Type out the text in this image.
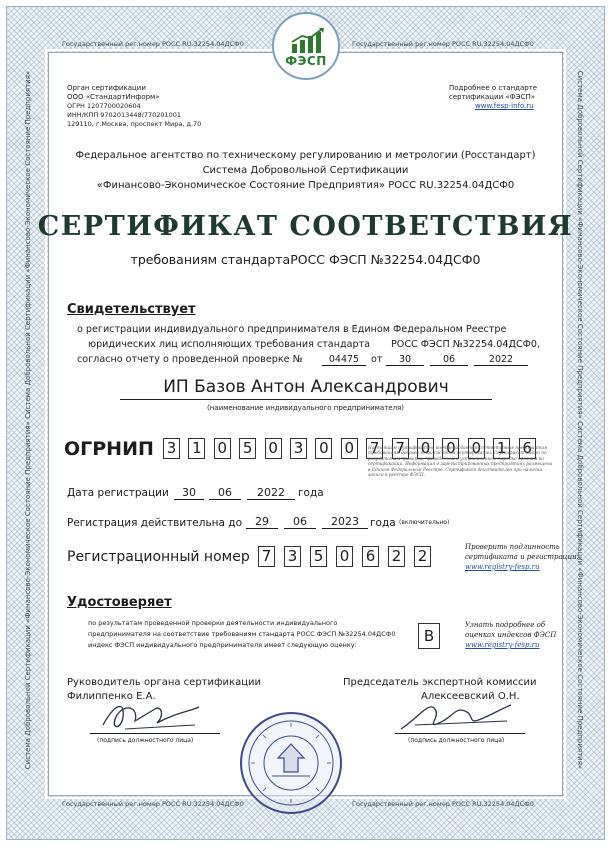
Государственный рег.номер РОСС RU.32254.04ДСФ0	Государственный рег.номер РОСС RU.32254.04ДСФ0
Государственный рег.номер РОСС RU.32254.04ДСФ0	Государственный рег.номер РОСС RU.32254.04ДСФ0
Система Добровольной Сертификации «Финансово-Экономическое Состояние Предприятия» Система Добровольной Сертификации «Финансово-Экономическое Состояние Предприятия»	Система Добровольной Сертификации «Финансово-Экономическое Состояние Предприятия» Система Добровольной Сертификации «Финансово-Экономическое Состояние Предприятия»
ФЭСП
Орган сертификации
ООО «СтандартИнформ»
ОГРН 1207700020604
ИНН/КПП 9702013448/770201001
129110, г.Москва, проспект Мира, д.70
Подробнее о стандарте
сертификации «ФЭСП»
www.fesp-info.ru
Федеральное агентство по техническому регулированию и метрологии (Росстандарт)
Система Добровольной Сертификации
«Финансово-Экономическое Состояние Предприятия» РОСС RU.32254.04ДСФ0
СЕРТИФИКАТ СООТВЕТСТВИЯ
требованиям стандартаРОСС ФЭСП №32254.04ДСФ0
Свидетельствует
о регистрации индивидуального предпринимателя в Едином Федеральном Реестре
юридических лиц исполняющих требования стандарта РОСС ФЭСП №32254.04ДСФ0,
согласно отчету о проведенной проверке №	04475	от	30	06	2022
ИП Базов Антон Александрович
(наименование индивидуального предпринимателя)
ОГРНИП 3 1 0 5 0 3 0 0 7 7 0 0 0 1 6
Дата регистрации	30	06	2022	года
Регистрация действительна до	29	06	2023	года (включительно)
Настоящим сертификатом подтверждается соответствие предприятия требованиям добровольной системы сертификации. Сертификат выдан по результатам проверки, проведенной в установленном порядке органом по сертификации. Информация о зарегистрированных предприятиях размещена в Едином Федеральном Реестре. Сертификат действителен при наличии записи в реестре ФЭСП.
Регистрационный номер 7 3 5 0 6 2 2	Проверить подлинность
сертификата и регистрации:
www.registry-fesp.ru
Удостоверяет
по результатам проведенной проверки деятельности индивидуального
предпринимателя на соответствие требованиям стандарта РОСС ФЭСП №32254.04ДСФ0
индекс ФЭСП индивидуального предпринимателя имеет следующую оценку:	В
Узнать подробнее об
оценках индексов ФЭСП
www.registry-fesp.ru
Руководитель органа сертификации
Филиппенко Е.А.
(подпись должностного лица)
Председатель экспертной комиссии
Алексеевский О.Н.
(подпись должностного лица)
